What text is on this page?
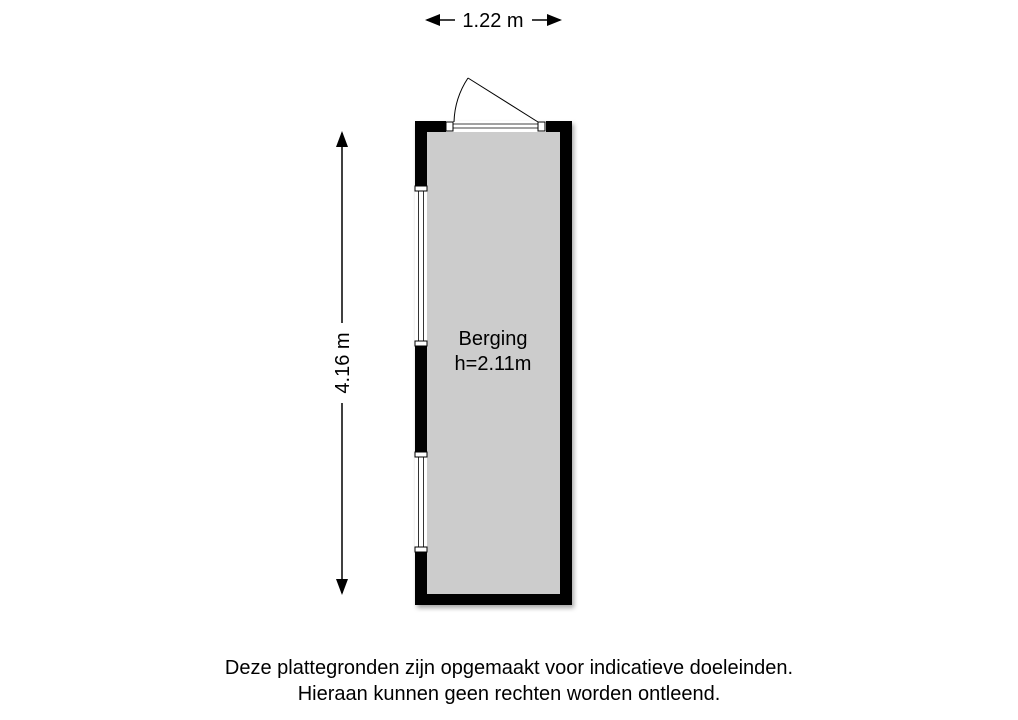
1.22 m
4.16 m	Berging
h=2.11m
Deze plattegronden zijn opgemaakt voor indicatieve doeleinden.
Hieraan kunnen geen rechten worden ontleend.
